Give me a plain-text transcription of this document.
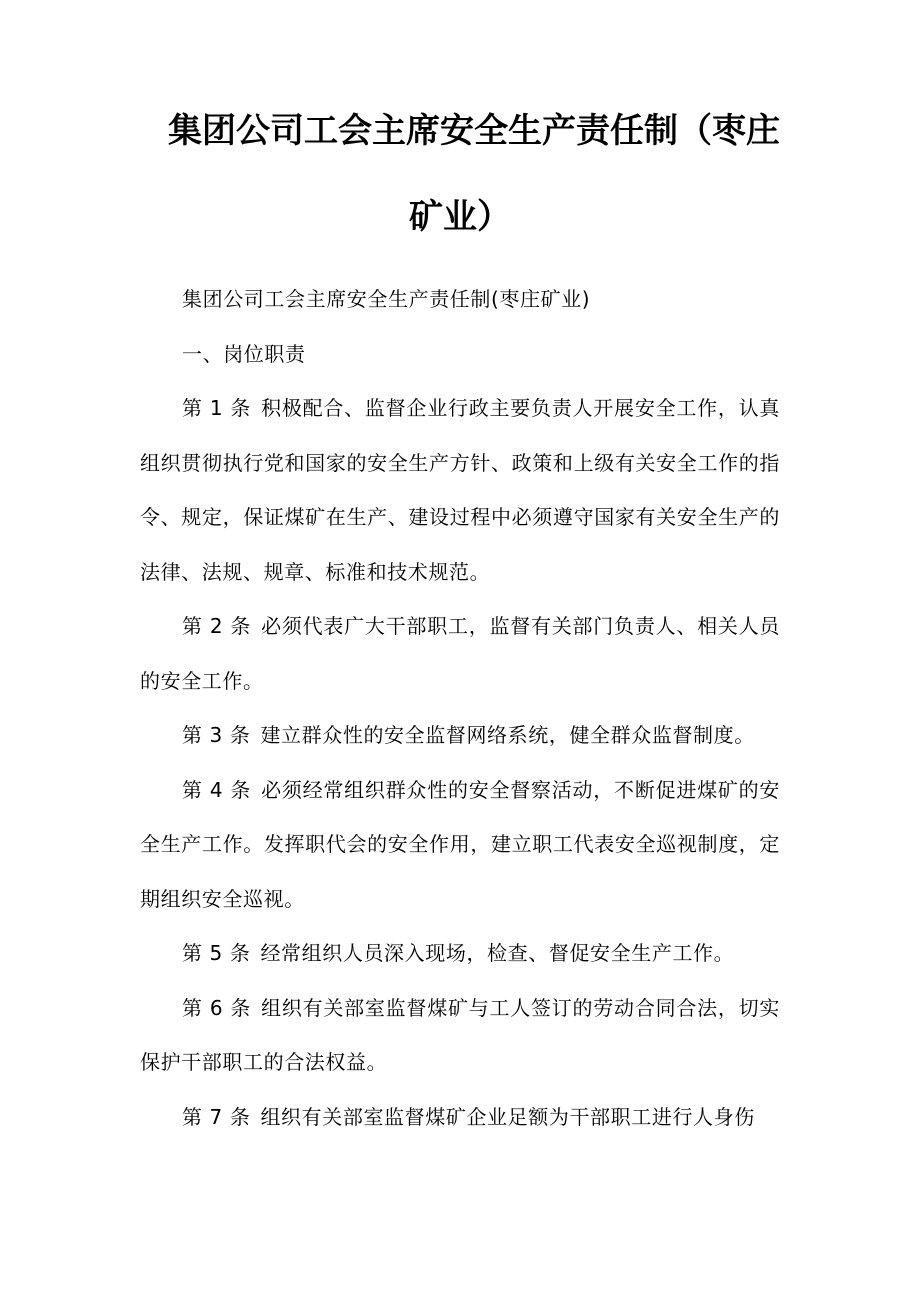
集团公司工会主席安全生产责任制（枣庄
矿业）

集团公司工会主席安全生产责任制(枣庄矿业)

一、岗位职责

第 1 条 积极配合、监督企业行政主要负责人开展安全工作，认真组织贯彻执行党和国家的安全生产方针、政策和上级有关安全工作的指令、规定，保证煤矿在生产、建设过程中必须遵守国家有关安全生产的法律、法规、规章、标准和技术规范。

第 2 条 必须代表广大干部职工，监督有关部门负责人、相关人员的安全工作。

第 3 条 建立群众性的安全监督网络系统，健全群众监督制度。

第 4 条 必须经常组织群众性的安全督察活动，不断促进煤矿的安全生产工作。发挥职代会的安全作用，建立职工代表安全巡视制度，定期组织安全巡视。

第 5 条 经常组织人员深入现场，检查、督促安全生产工作。

第 6 条 组织有关部室监督煤矿与工人签订的劳动合同合法，切实保护干部职工的合法权益。

第 7 条 组织有关部室监督煤矿企业足额为干部职工进行人身伤
